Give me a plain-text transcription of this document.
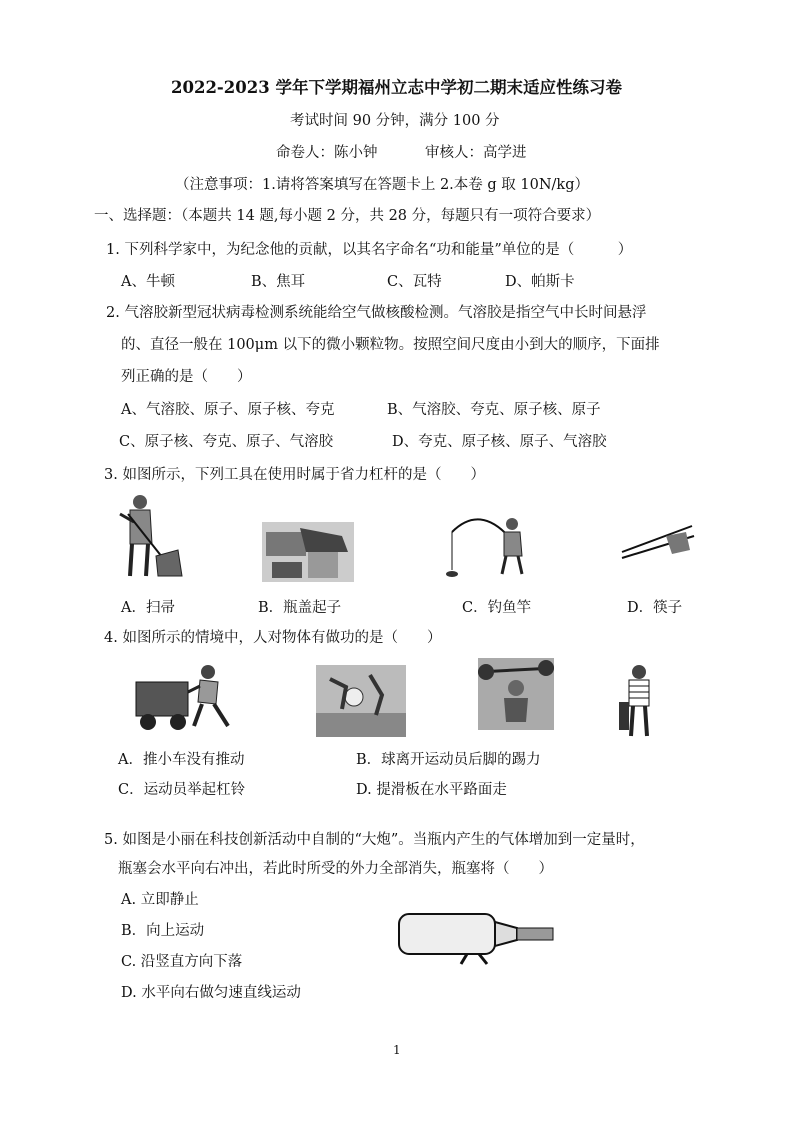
2022-2023 学年下学期福州立志中学初二期末适应性练习卷
考试时间 90 分钟，满分 100 分
命卷人：陈小钟	审核人：高学进
（注意事项：1.请将答案填写在答题卡上 2.本卷 g 取 10N/kg）
一、选择题：（本题共 14 题,每小题 2 分，共 28 分，每题只有一项符合要求）
1. 下列科学家中，为纪念他的贡献，以其名字命名“功和能量”单位的是（　　　）
A、牛顿	B、焦耳	C、瓦特	D、帕斯卡
2. 气溶胶新型冠状病毒检测系统能给空气做核酸检测。气溶胶是指空气中长时间悬浮
的、直径一般在 100μm 以下的微小颗粒物。按照空间尺度由小到大的顺序，下面排
列正确的是（　　）
A、气溶胶、原子、原子核、夸克	B、气溶胶、夸克、原子核、原子
C、原子核、夸克、原子、气溶胶	D、夸克、原子核、原子、气溶胶
3. 如图所示，下列工具在使用时属于省力杠杆的是（　　）
A．扫帚	B．瓶盖起子	C．钓鱼竿	D．筷子
4. 如图所示的情境中，人对物体有做功的是（　　）
A．推小车没有推动	B．球离开运动员后脚的踢力
C．运动员举起杠铃	D. 提滑板在水平路面走
5. 如图是小丽在科技创新活动中自制的“大炮”。当瓶内产生的气体增加到一定量时，
瓶塞会水平向右冲出，若此时所受的外力全部消失，瓶塞将（　　）
A. 立即静止
B．向上运动
C. 沿竖直方向下落
D. 水平向右做匀速直线运动
1
